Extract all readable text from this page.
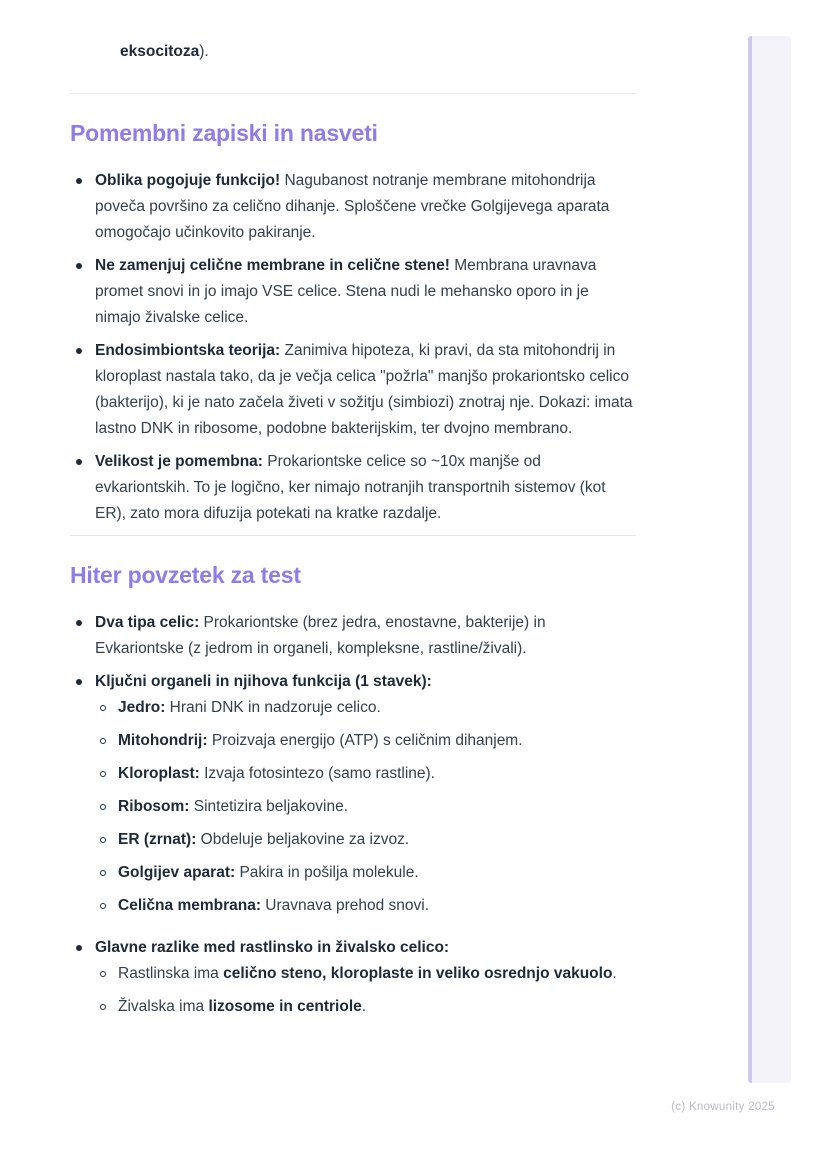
eksocitoza).

Pomembni zapiski in nasveti
Oblika pogojuje funkcijo! Nagubanost notranje membrane mitohondrija poveča površino za celično dihanje. Sploščene vrečke Golgijevega aparata omogočajo učinkovito pakiranje.
Ne zamenjuj celične membrane in celične stene! Membrana uravnava promet snovi in jo imajo VSE celice. Stena nudi le mehansko oporo in je nimajo živalske celice.
Endosimbiontska teorija: Zanimiva hipoteza, ki pravi, da sta mitohondrij in kloroplast nastala tako, da je večja celica "požrla" manjšo prokariontsko celico (bakterijo), ki je nato začela živeti v sožitju (simbiozi) znotraj nje. Dokazi: imata lastno DNK in ribosome, podobne bakterijskim, ter dvojno membrano.
Velikost je pomembna: Prokariontske celice so ~10x manjše od evkariontskih. To je logično, ker nimajo notranjih transportnih sistemov (kot ER), zato mora difuzija potekati na kratke razdalje.
Hiter povzetek za test
Dva tipa celic: Prokariontske (brez jedra, enostavne, bakterije) in Evkariontske (z jedrom in organeli, kompleksne, rastline/živali).
Ključni organeli in njihova funkcija (1 stavek):
Jedro: Hrani DNK in nadzoruje celico.
Mitohondrij: Proizvaja energijo (ATP) s celičnim dihanjem.
Kloroplast: Izvaja fotosintezo (samo rastline).
Ribosom: Sintetizira beljakovine.
ER (zrnat): Obdeluje beljakovine za izvoz.
Golgijev aparat: Pakira in pošilja molekule.
Celična membrana: Uravnava prehod snovi.
Glavne razlike med rastlinsko in živalsko celico:
Rastlinska ima celično steno, kloroplaste in veliko osrednjo vakuolo.
Živalska ima lizosome in centriole.
(c) Knowunity 2025
